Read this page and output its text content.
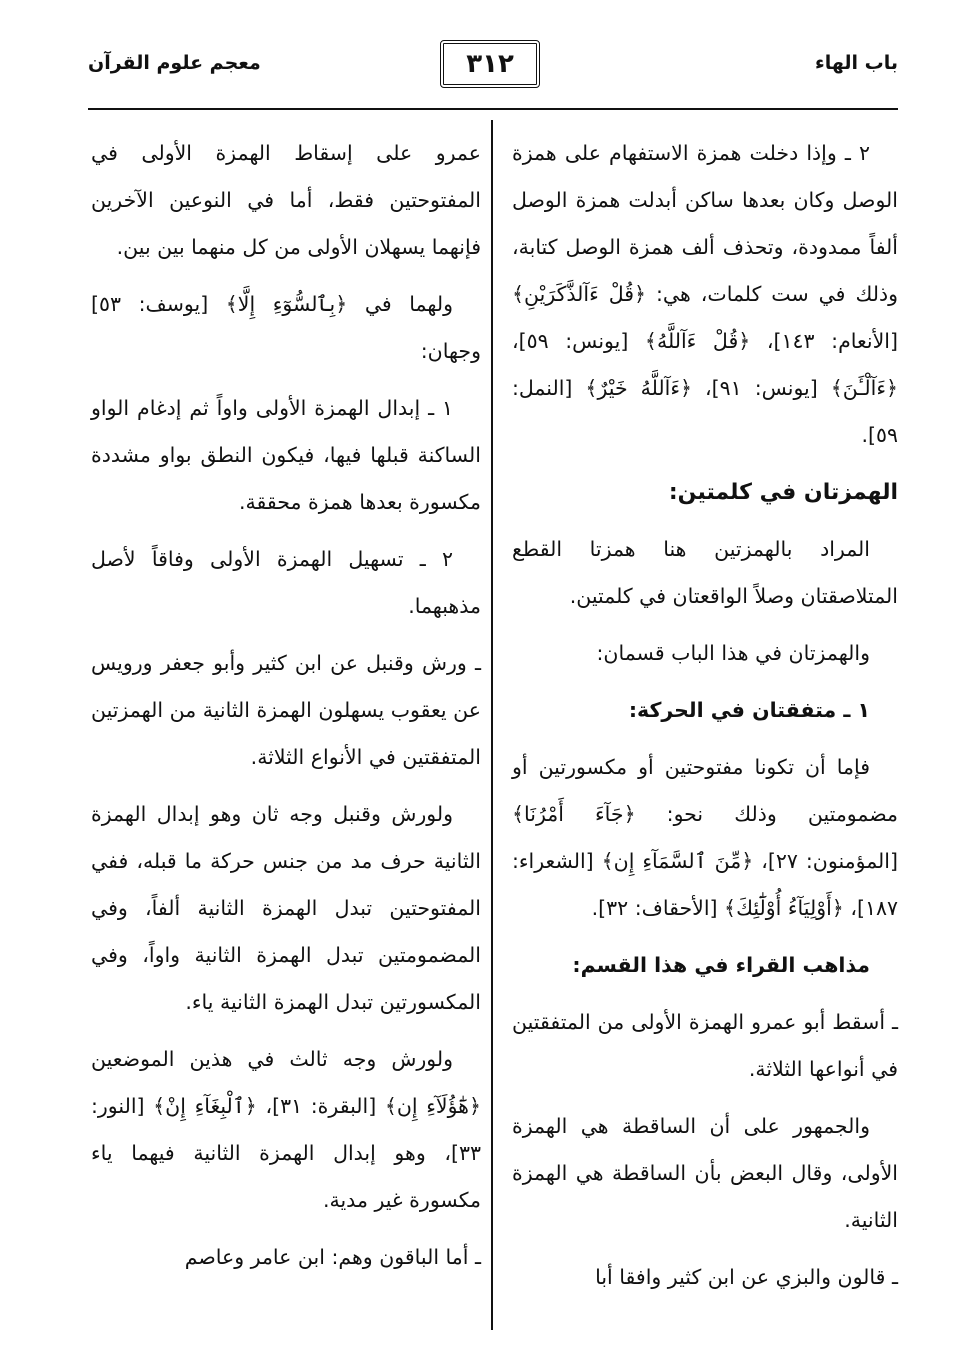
باب الهاء
٣١٢
معجم علوم القرآن

٢ ـ وإذا دخلت همزة الاستفهام على همزة الوصل وكان بعدها ساكن أبدلت همزة الوصل ألفاً ممدودة، وتحذف ألف همزة الوصل كتابة، وذلك في ست كلمات، هي: ﴿قُلْ ءَآلذَّكَرَيْنِ﴾ [الأنعام: ١٤٣]، ﴿قُلْ ءَآللَّهُ﴾ [يونس: ٥٩]، ﴿ءَآلْـَٔنَ﴾ [يونس: ٩١]، ﴿ءَآللَّهُ خَيْرٌ﴾ [النمل: ٥٩].

الهمزتان في كلمتين:

المراد بالهمزتين هنا همزتا القطع المتلاصقتان وصلاً الواقعتان في كلمتين.

والهمزتان في هذا الباب قسمان:

١ ـ متفقتان في الحركة:

فإما أن تكونا مفتوحتين أو مكسورتين أو مضمومتين وذلك نحو: ﴿جَآءَ أَمْرُنَا﴾ [المؤمنون: ٢٧]، ﴿مِّنَ ٱلسَّمَآءِ إِن﴾ [الشعراء: ١٨٧]، ﴿أَوْلِيَآءُ أُوْلَٰٓئِكَ﴾ [الأحقاف: ٣٢].

مذاهب القراء في هذا القسم:

ـ أسقط أبو عمرو الهمزة الأولى من المتفقتين في أنواعها الثلاثة.

والجمهور على أن الساقطة هي الهمزة الأولى، وقال البعض بأن الساقطة هي الهمزة الثانية.

ـ قالون والبزي عن ابن كثير وافقا أبا

عمرو على إسقاط الهمزة الأولى في المفتوحتين فقط، أما في النوعين الآخرين فإنهما يسهلان الأولى من كل منهما بين بين.

ولهما في ﴿بِٱلسُّوٓءِ إِلَّا﴾ [يوسف: ٥٣] وجهان:

١ ـ إبدال الهمزة الأولى واواً ثم إدغام الواو الساكنة قبلها فيها، فيكون النطق بواو مشددة مكسورة بعدها همزة محققة.

٢ ـ تسهيل الهمزة الأولى وفاقاً لأصل مذهبهما.

ـ ورش وقنبل عن ابن كثير وأبو جعفر ورويس عن يعقوب يسهلون الهمزة الثانية من الهمزتين المتفقتين في الأنواع الثلاثة.

ولورش وقنبل وجه ثان وهو إبدال الهمزة الثانية حرف مد من جنس حركة ما قبله، ففي المفتوحتين تبدل الهمزة الثانية ألفاً، وفي المضمومتين تبدل الهمزة الثانية واواً، وفي المكسورتين تبدل الهمزة الثانية ياء.

ولورش وجه ثالث في هذين الموضعين ﴿هَٰٓؤُلَآءِ إِن﴾ [البقرة: ٣١]، ﴿ٱلْبِغَآءِ إِنْ﴾ [النور: ٣٣]، وهو إبدال الهمزة الثانية فيهما ياء مكسورة غير مدية.

ـ أما الباقون وهم: ابن عامر وعاصم
